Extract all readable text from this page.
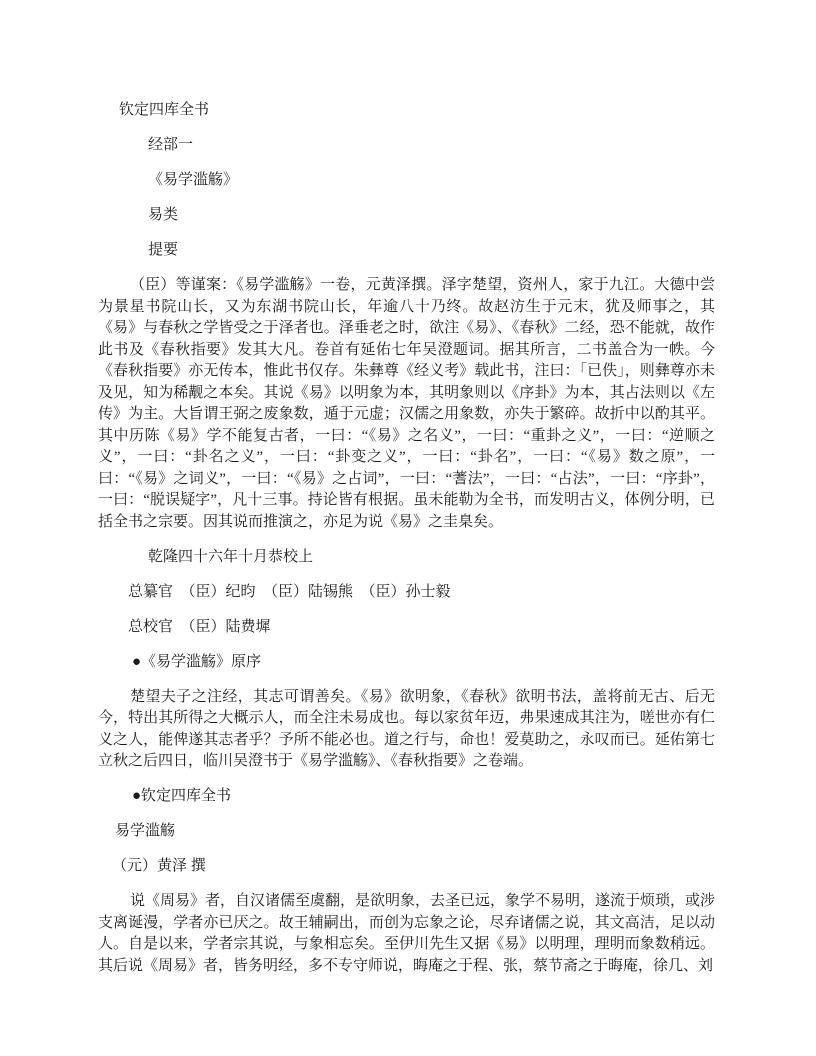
钦定四库全书

经部一

《易学滥觞》

易类

提要

（臣）等谨案：《易学滥觞》一卷，元黄泽撰。泽字楚望，资州人，家于九江。大德中尝为景星书院山长，又为东湖书院山长，年逾八十乃终。故赵汸生于元末，犹及师事之，其《易》与春秋之学皆受之于泽者也。泽垂老之时，欲注《易》、《春秋》二经，恐不能就，故作此书及《春秋指要》发其大凡。卷首有延佑七年吴澄题词。据其所言，二书盖合为一帙。今《春秋指要》亦无传本，惟此书仅存。朱彝尊《经义考》载此书，注曰：「已佚」，则彝尊亦未及见，知为稀觏之本矣。其说《易》以明象为本，其明象则以《序卦》为本，其占法则以《左传》为主。大旨谓王弼之废象数，遁于元虚；汉儒之用象数，亦失于繁碎。故折中以酌其平。其中历陈《易》学不能复古者，一曰：“《易》之名义”，一曰：“重卦之义”，一曰：“逆顺之义”，一曰：“卦名之义”，一曰：“卦变之义”，一曰：“卦名”，一曰：“《易》数之原”，一曰：“《易》之词义”，一曰：“《易》之占词”，一曰：“蓍法”，一曰：“占法”，一曰：“序卦”，一曰：“脱误疑字”，凡十三事。持论皆有根据。虽未能勒为全书，而发明古义，体例分明，已括全书之宗要。因其说而推演之，亦足为说《易》之圭臬矣。

乾隆四十六年十月恭校上

总纂官　（臣）纪昀　（臣）陆锡熊　（臣）孙士毅

总校官　（臣）陆费墀

●《易学滥觞》原序

楚望夫子之注经，其志可谓善矣。《易》欲明象，《春秋》欲明书法，盖将前无古、后无今，特出其所得之大概示人，而全注未易成也。每以家贫年迈，弗果速成其注为，嗟世亦有仁义之人，能俾遂其志者乎？予所不能必也。道之行与，命也！爱莫助之，永叹而已。延佑第七立秋之后四日，临川吴澄书于《易学滥觞》、《春秋指要》之卷端。

●钦定四库全书

易学滥觞

（元）黄泽 撰

说《周易》者，自汉诸儒至虞翻，是欲明象，去圣已远，象学不易明，遂流于烦琐，或涉支离诞漫，学者亦已厌之。故王辅嗣出，而创为忘象之论，尽弃诸儒之说，其文高洁，足以动人。自是以来，学者宗其说，与象相忘矣。至伊川先生又据《易》以明理，理明而象数稍远。其后说《周易》者，皆务明经，多不专守师说，晦庵之于程、张，蔡节斋之于晦庵，徐几、刘
